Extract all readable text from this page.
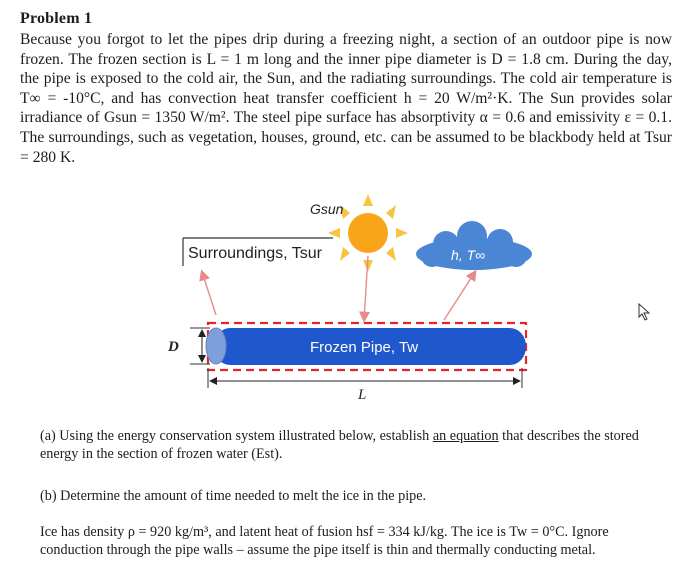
Problem 1

Because you forgot to let the pipes drip during a freezing night, a section of an outdoor pipe is now frozen. The frozen section is L = 1 m long and the inner pipe diameter is D = 1.8 cm. During the day, the pipe is exposed to the cold air, the Sun, and the radiating surroundings. The cold air temperature is T∞ = -10°C, and has convection heat transfer coefficient h = 20 W/m²·K. The Sun provides solar irradiance of Gsun = 1350 W/m². The steel pipe surface has absorptivity α = 0.6 and emissivity ε = 0.1. The surroundings, such as vegetation, houses, ground, etc. can be assumed to be blackbody held at Tsur = 280 K.

Gsun
Surroundings, Tsur	h, T∞
Frozen Pipe, Tw
D
L

(a) Using the energy conservation system illustrated below, establish an equation that describes the stored energy in the section of frozen water (Est).

(b) Determine the amount of time needed to melt the ice in the pipe.

Ice has density ρ = 920 kg/m³, and latent heat of fusion hsf = 334 kJ/kg. The ice is Tw = 0°C. Ignore conduction through the pipe walls – assume the pipe itself is thin and thermally conducting metal.
